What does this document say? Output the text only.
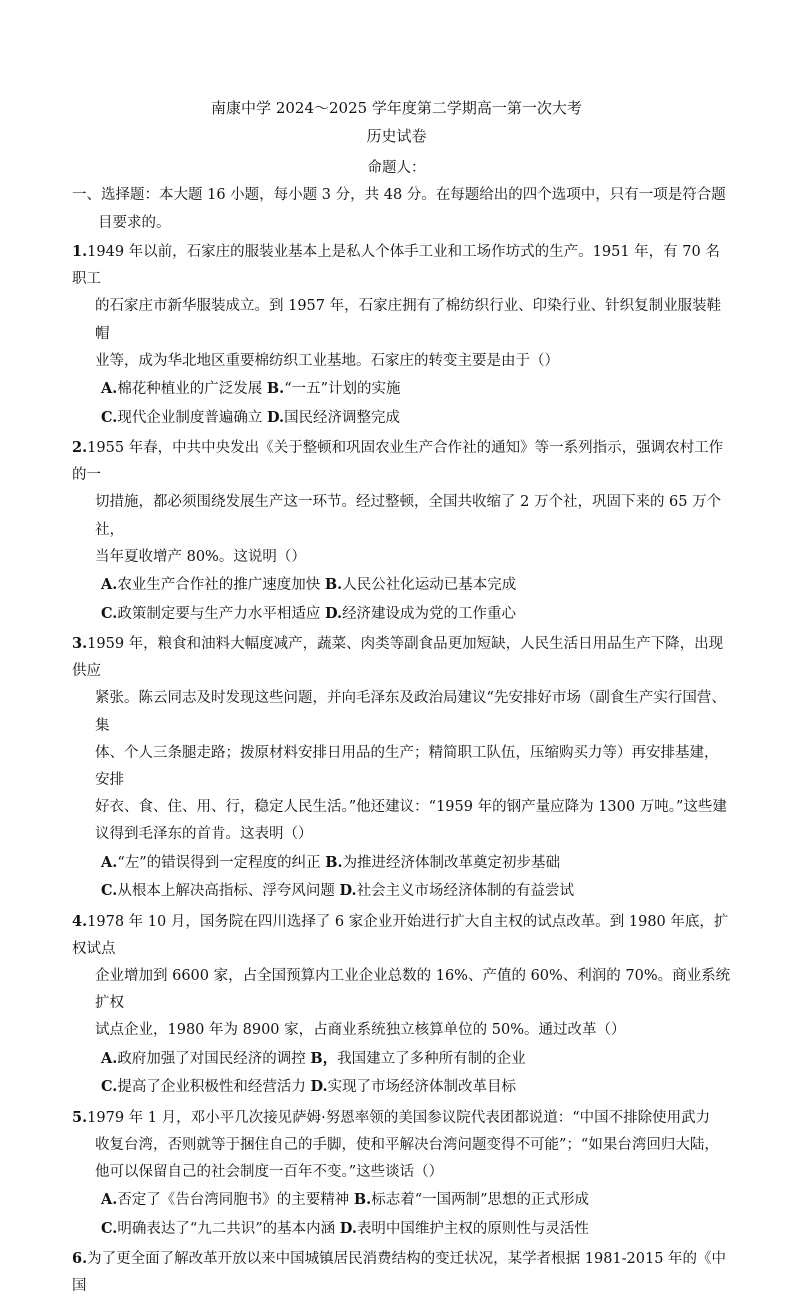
南康中学 2024～2025 学年度第二学期高一第一次大考
历史试卷
命题人：

一、选择题：本大题 16 小题，每小题 3 分，共 48 分。在每题给出的四个选项中，只有一项是符合题

目要求的。

1.1949 年以前，石家庄的服装业基本上是私人个体手工业和工场作坊式的生产。1951 年，有 70 名职工

的石家庄市新华服装成立。到 1957 年，石家庄拥有了棉纺织行业、印染行业、针织复制业服装鞋帽

业等，成为华北地区重要棉纺织工业基地。石家庄的转变主要是由于（）

A.棉花种植业的广泛发展 B.“一五”计划的实施

C.现代企业制度普遍确立 D.国民经济调整完成

2.1955 年春，中共中央发出《关于整顿和巩固农业生产合作社的通知》等一系列指示，强调农村工作的一

切措施，都必须围绕发展生产这一环节。经过整顿，全国共收缩了 2 万个社，巩固下来的 65 万个社，

当年夏收增产 80%。这说明（）

A.农业生产合作社的推广速度加快 B.人民公社化运动已基本完成

C.政策制定要与生产力水平相适应 D.经济建设成为党的工作重心

3.1959 年，粮食和油料大幅度减产，蔬菜、肉类等副食品更加短缺，人民生活日用品生产下降，出现供应

紧张。陈云同志及时发现这些问题，并向毛泽东及政治局建议“先安排好市场（副食生产实行国营、集

体、个人三条腿走路；拨原材料安排日用品的生产；精简职工队伍，压缩购买力等）再安排基建，安排

好衣、食、住、用、行，稳定人民生活。”他还建议：“1959 年的钢产量应降为 1300 万吨。”这些建

议得到毛泽东的首肯。这表明（）

A.“左”的错误得到一定程度的纠正 B.为推进经济体制改革奠定初步基础

C.从根本上解决高指标、浮夸风问题 D.社会主义市场经济体制的有益尝试

4.1978 年 10 月，国务院在四川选择了 6 家企业开始进行扩大自主权的试点改革。到 1980 年底，扩权试点

企业增加到 6600 家，占全国预算内工业企业总数的 16%、产值的 60%、利润的 70%。商业系统扩权

试点企业，1980 年为 8900 家，占商业系统独立核算单位的 50%。通过改革（）

A.政府加强了对国民经济的调控 B，我国建立了多种所有制的企业

C.提高了企业积极性和经营活力 D.实现了市场经济体制改革目标

5.1979 年 1 月，邓小平几次接见萨姆·努恩率领的美国参议院代表团都说道：“中国不排除使用武力

收复台湾，否则就等于捆住自己的手脚，使和平解决台湾问题变得不可能”；“如果台湾回归大陆，

他可以保留自己的社会制度一百年不变。”这些谈话（）

A.否定了《告台湾同胞书》的主要精神 B.标志着“一国两制”思想的正式形成

C.明确表达了“九二共识”的基本内涵 D.表明中国维护主权的原则性与灵活性

6.为了更全面了解改革开放以来中国城镇居民消费结构的变迁状况，某学者根据 1981-2015 年的《中国
